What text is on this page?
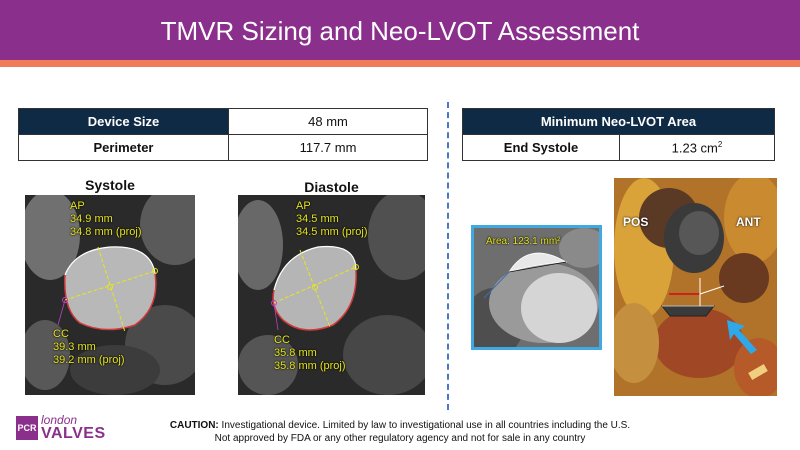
TMVR Sizing and Neo-LVOT Assessment
Device Size	48 mm
Perimeter	117.7 mm
Minimum Neo-LVOT Area
End Systole	1.23 $cm^2$
Systole	Diastole
AP
34.9 mm
34.8 mm (proj)
CC
39.3 mm
39.2 mm (proj)
AP
34.5 mm
34.5 mm (proj)
CC
35.8 mm
35.8 mm (proj)
Area: 123.1 mm²
POS	ANT
PCR
london
VALVES	CAUTION: Investigational device. Limited by law to investigational use in all countries including the U.S.
Not approved by FDA or any other regulatory agency and not for sale in any country
